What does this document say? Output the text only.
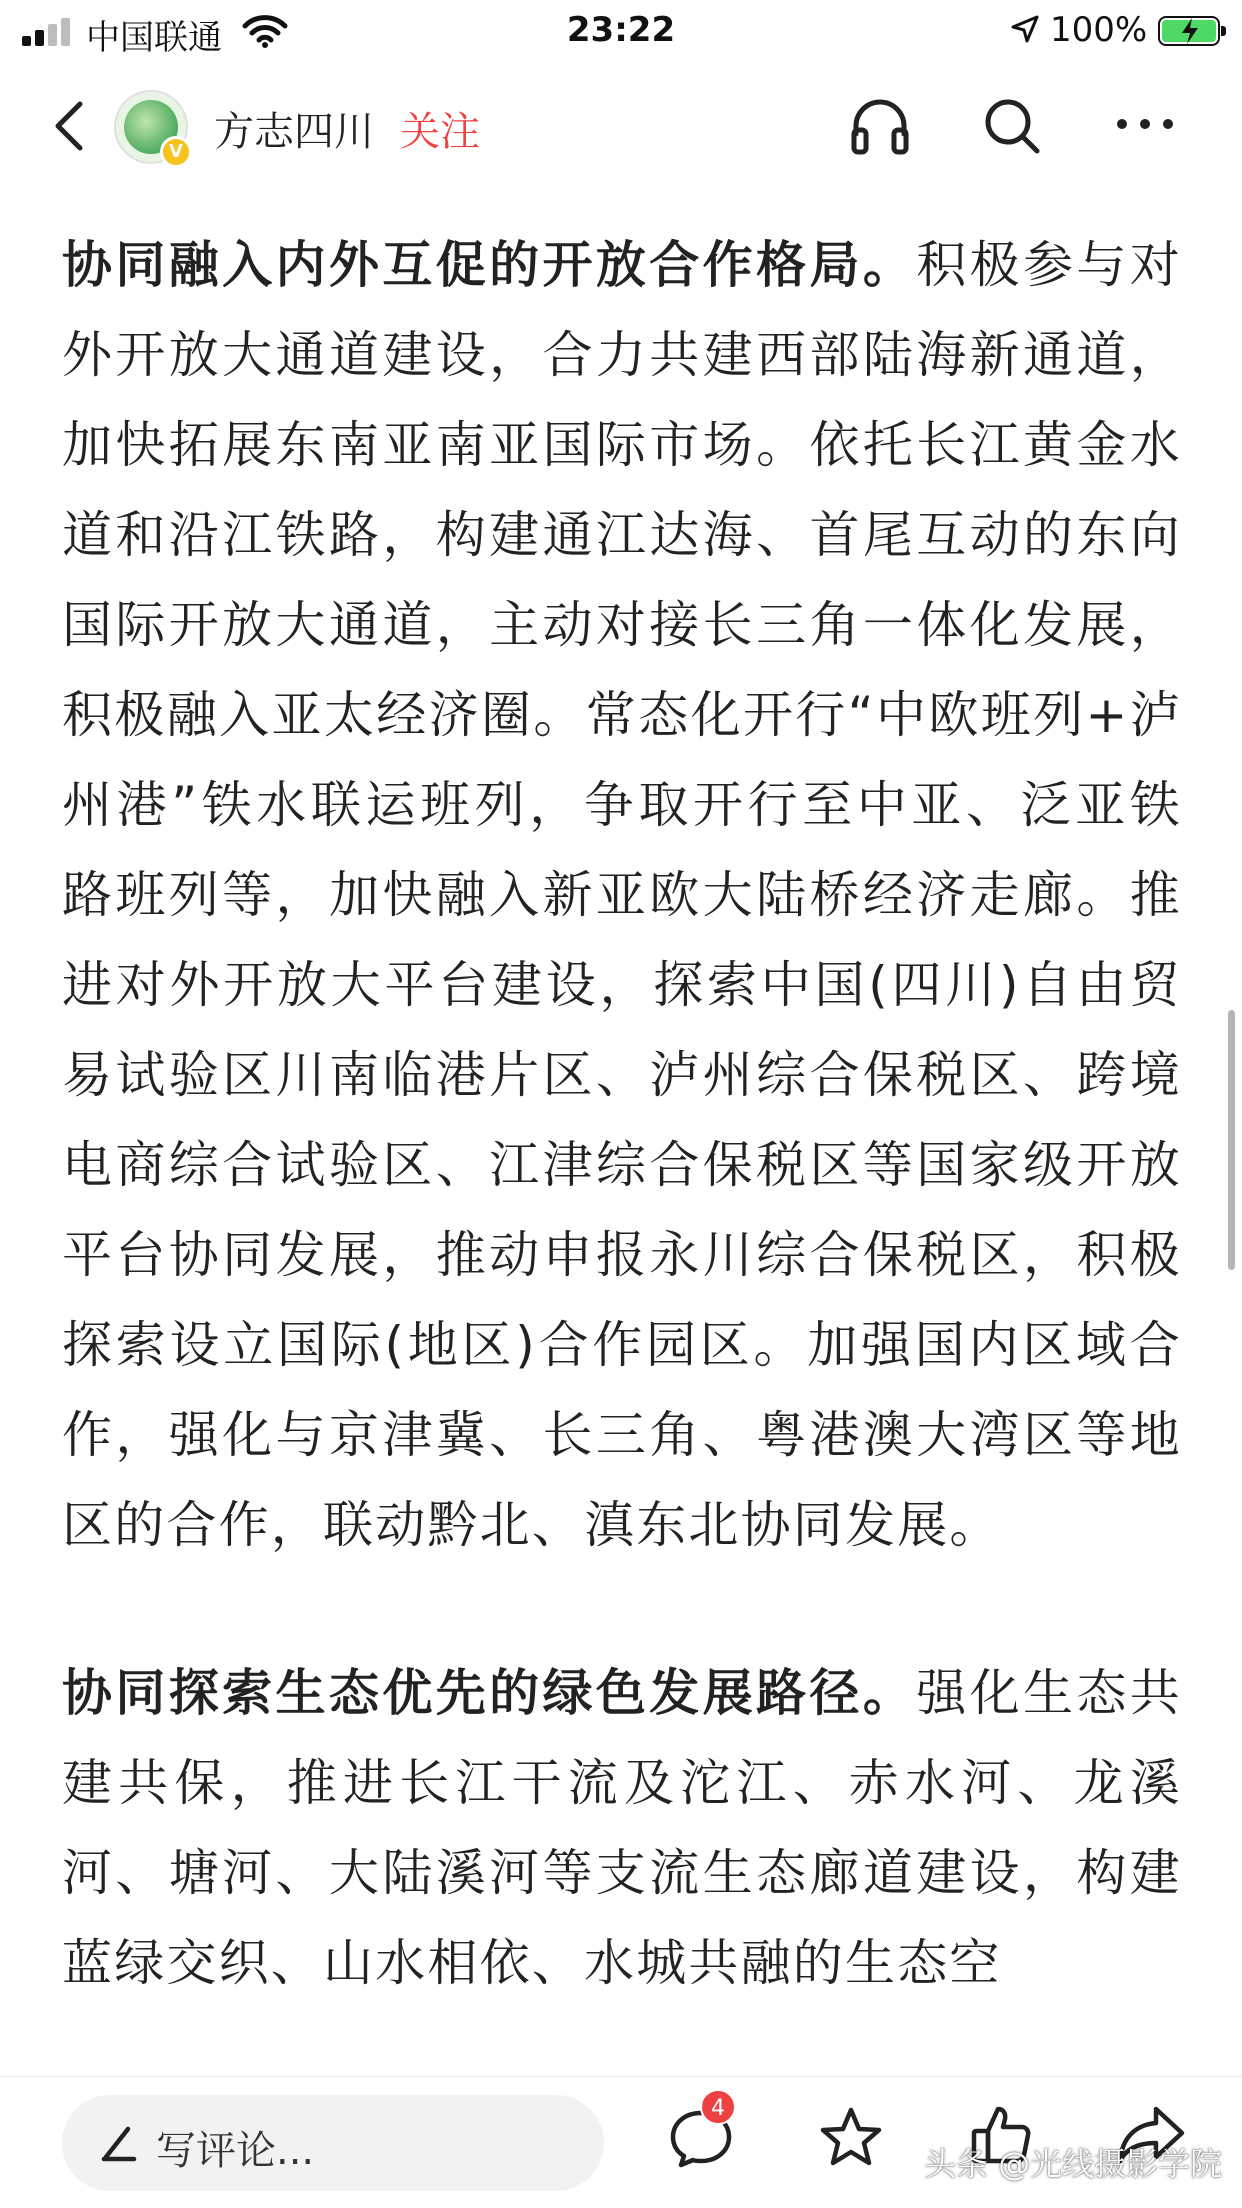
中国联通	23:22	100%
V 方志四川 关注

协同融入内外互促的开放合作格局。积极参与对外开放大通道建设，合力共建西部陆海新通道，加快拓展东南亚南亚国际市场。依托长江黄金水道和沿江铁路，构建通江达海、首尾互动的东向国际开放大通道，主动对接长三角一体化发展，积极融入亚太经济圈。常态化开行“中欧班列+泸州港”铁水联运班列，争取开行至中亚、泛亚铁路班列等，加快融入新亚欧大陆桥经济走廊。推进对外开放大平台建设，探索中国(四川)自由贸易试验区川南临港片区、泸州综合保税区、跨境电商综合试验区、江津综合保税区等国家级开放平台协同发展，推动申报永川综合保税区，积极探索设立国际(地区)合作园区。加强国内区域合作，强化与京津冀、长三角、粤港澳大湾区等地区的合作，联动黔北、滇东北协同发展。

协同探索生态优先的绿色发展路径。强化生态共建共保，推进长江干流及沱江、赤水河、龙溪河、塘河、大陆溪河等支流生态廊道建设，构建蓝绿交织、山水相依、水城共融的生态空

写评论...
4
头条 @光线摄影学院
